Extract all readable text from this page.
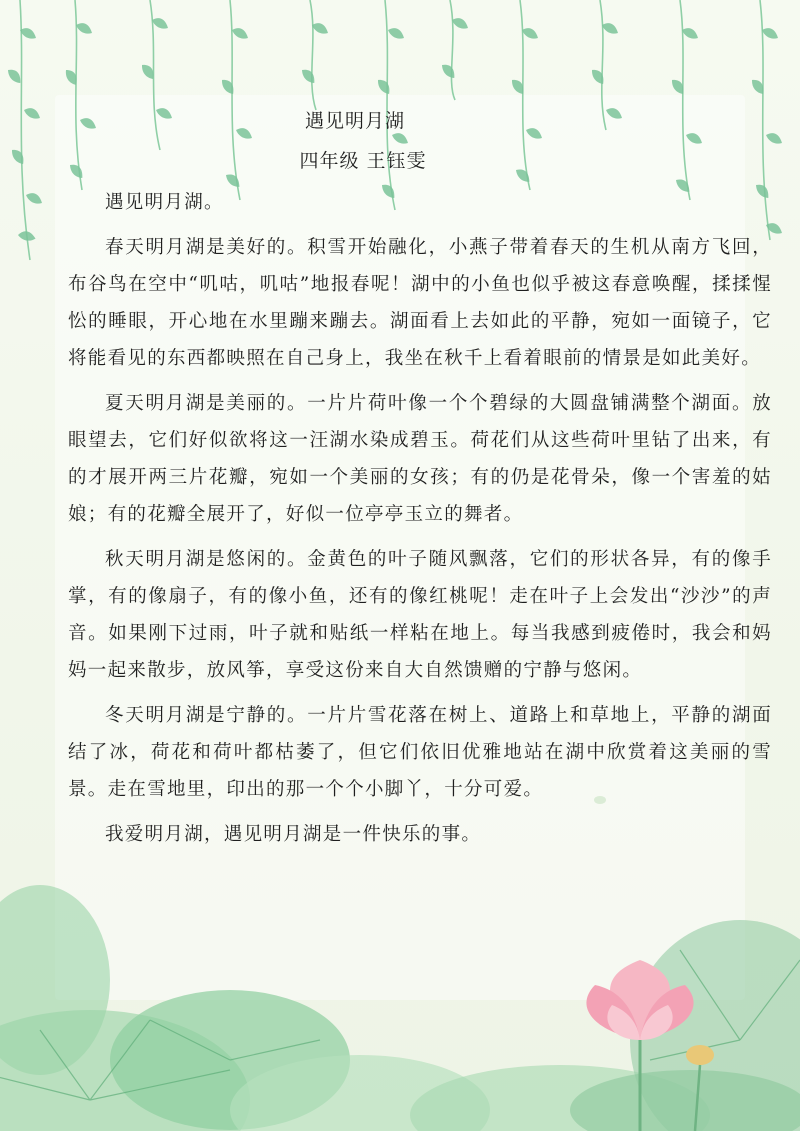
遇见明月湖
四年级 王钰雯

遇见明月湖。

春天明月湖是美好的。积雪开始融化，小燕子带着春天的生机从南方飞回，布谷鸟在空中“叽咕，叽咕”地报春呢！湖中的小鱼也似乎被这春意唤醒，揉揉惺忪的睡眼，开心地在水里蹦来蹦去。湖面看上去如此的平静，宛如一面镜子，它将能看见的东西都映照在自己身上，我坐在秋千上看着眼前的情景是如此美好。

夏天明月湖是美丽的。一片片荷叶像一个个碧绿的大圆盘铺满整个湖面。放眼望去，它们好似欲将这一汪湖水染成碧玉。荷花们从这些荷叶里钻了出来，有的才展开两三片花瓣，宛如一个美丽的女孩；有的仍是花骨朵，像一个害羞的姑娘；有的花瓣全展开了，好似一位亭亭玉立的舞者。

秋天明月湖是悠闲的。金黄色的叶子随风飘落，它们的形状各异，有的像手掌，有的像扇子，有的像小鱼，还有的像红桃呢！走在叶子上会发出“沙沙”的声音。如果刚下过雨，叶子就和贴纸一样粘在地上。每当我感到疲倦时，我会和妈妈一起来散步，放风筝，享受这份来自大自然馈赠的宁静与悠闲。

冬天明月湖是宁静的。一片片雪花落在树上、道路上和草地上，平静的湖面结了冰，荷花和荷叶都枯萎了，但它们依旧优雅地站在湖中欣赏着这美丽的雪景。走在雪地里，印出的那一个个小脚丫，十分可爱。

我爱明月湖，遇见明月湖是一件快乐的事。
